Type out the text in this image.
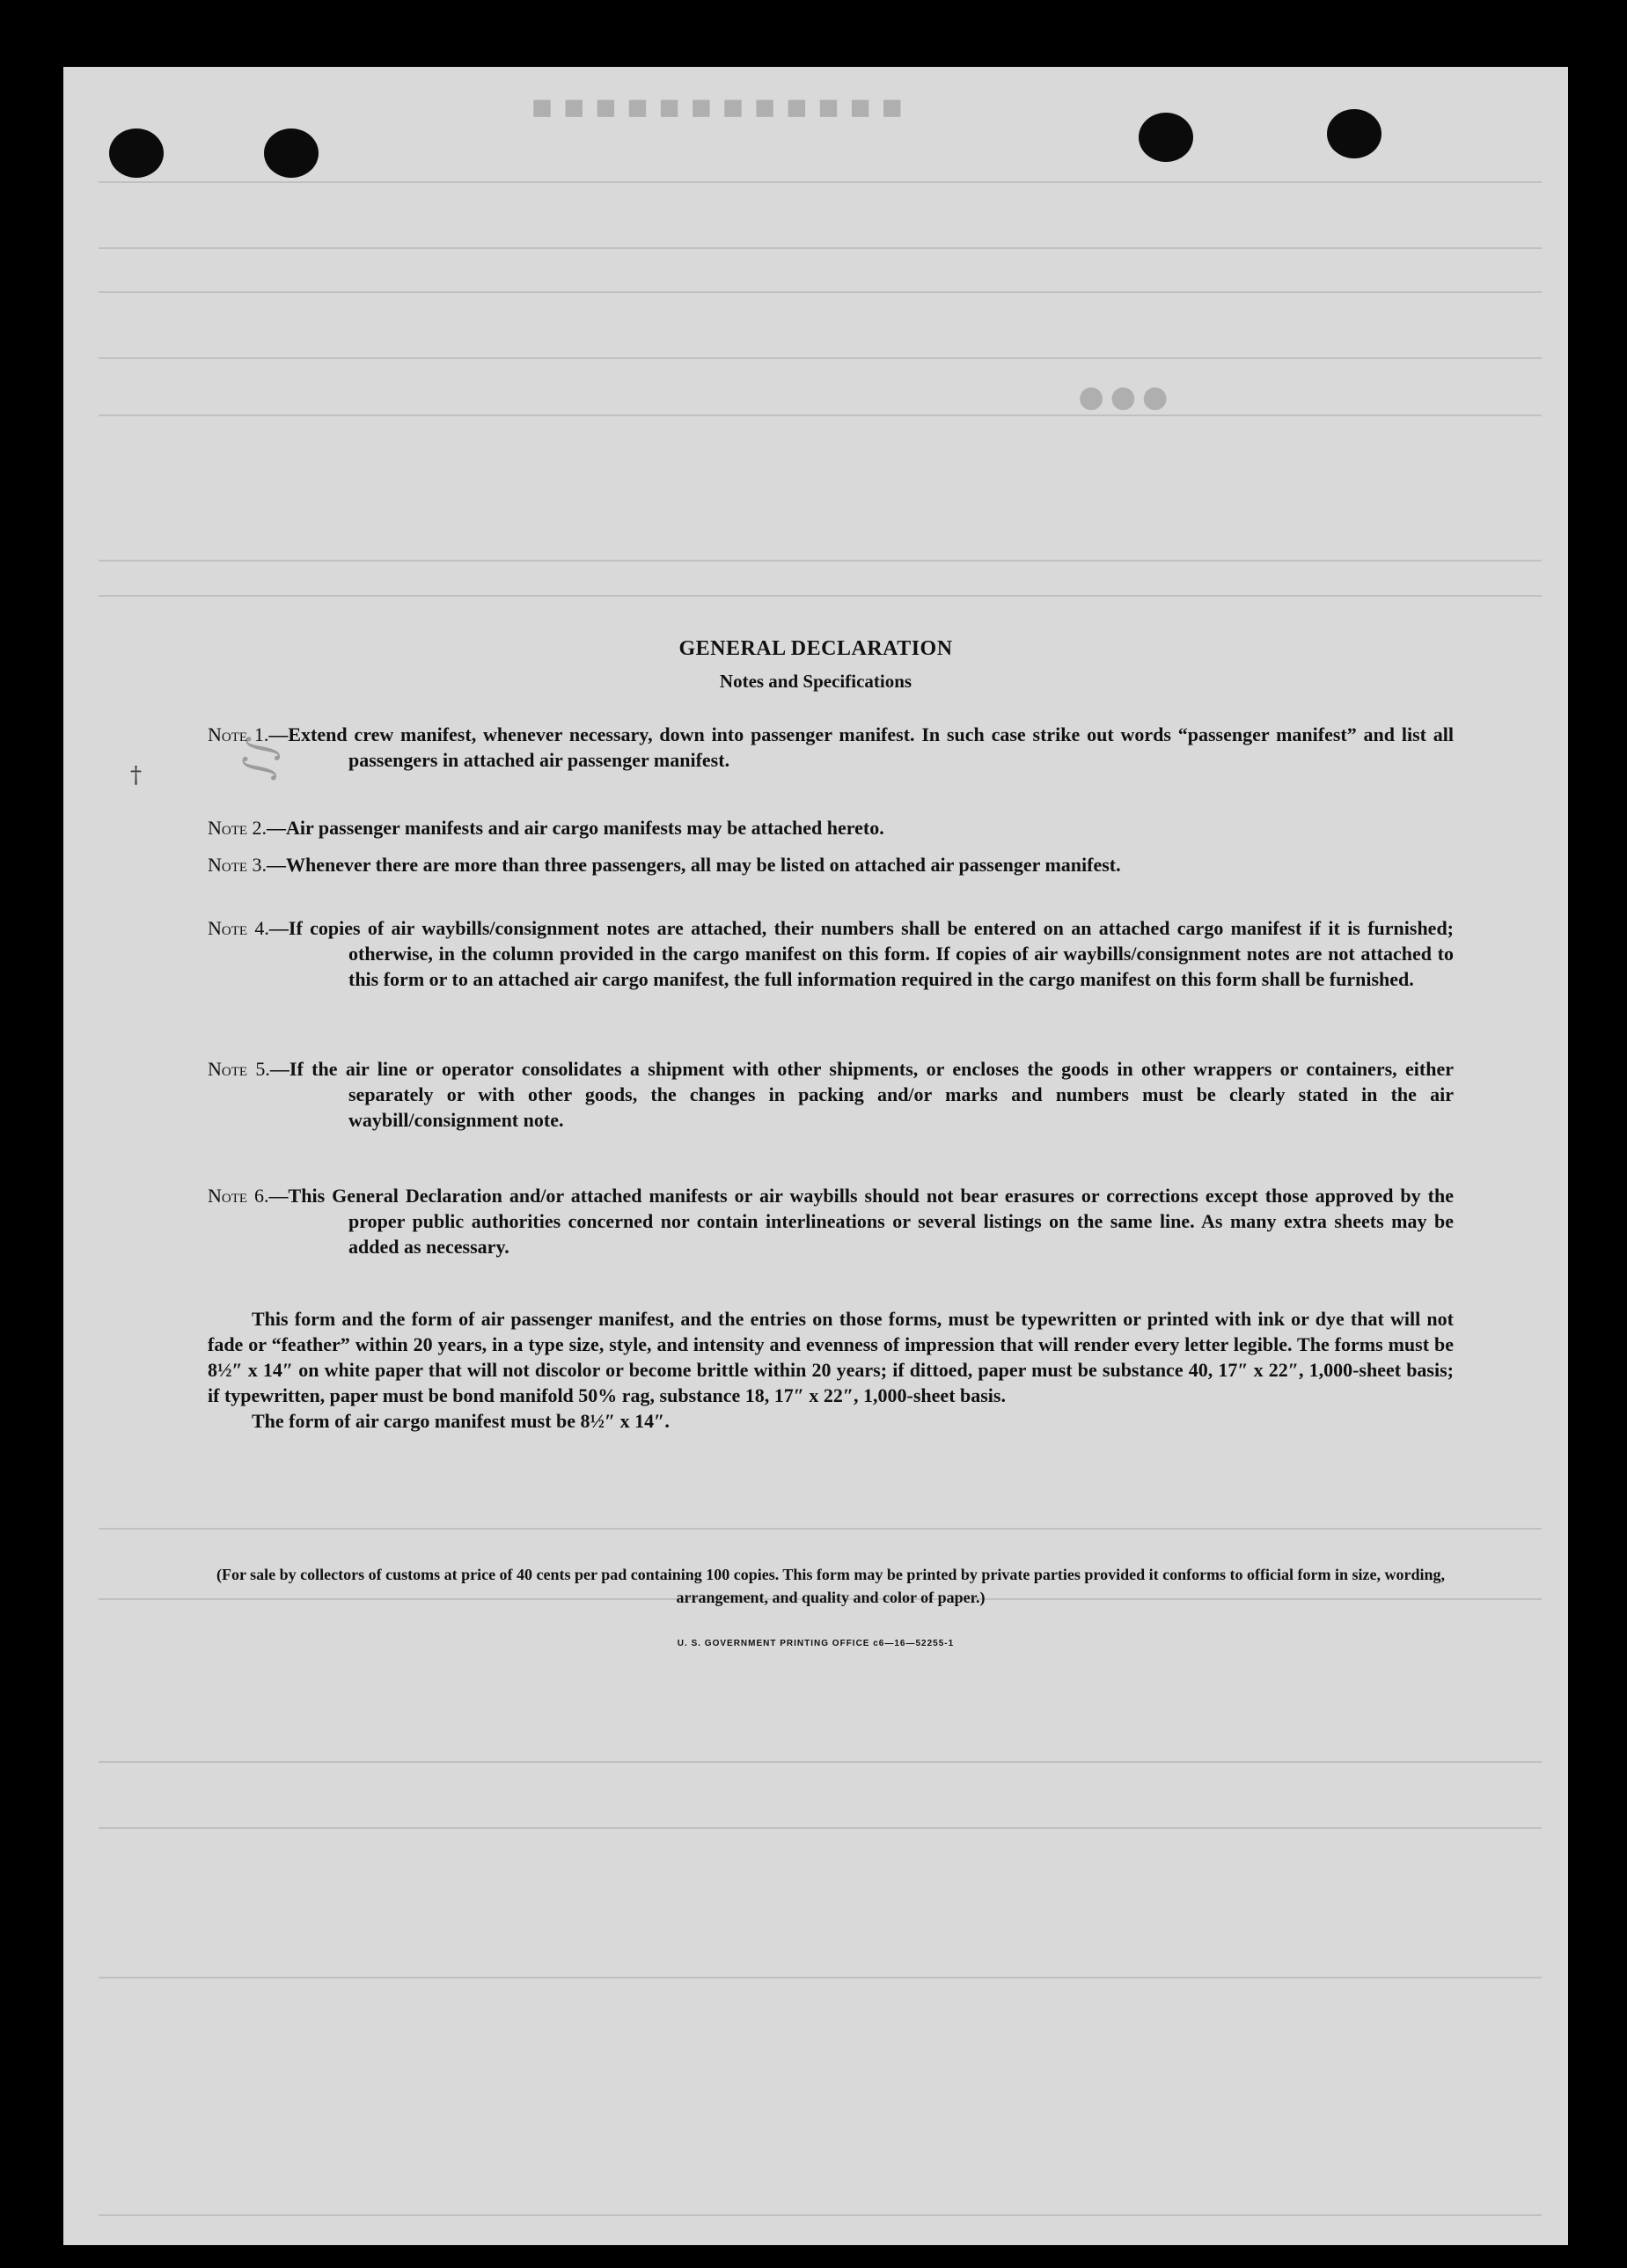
■■■■■■■■■■■■
●●●
∫∫
†
GENERAL DECLARATION
Notes and Specifications
Note 1.—Extend crew manifest, whenever necessary, down into passenger manifest. In such case strike out words “passenger manifest” and list all passengers in attached air passenger manifest.
Note 2.—Air passenger manifests and air cargo manifests may be attached hereto.
Note 3.—Whenever there are more than three passengers, all may be listed on attached air passenger manifest.
Note 4.—If copies of air waybills/consignment notes are attached, their numbers shall be entered on an attached cargo manifest if it is furnished; otherwise, in the column provided in the cargo manifest on this form. If copies of air waybills/consignment notes are not attached to this form or to an attached air cargo manifest, the full information required in the cargo manifest on this form shall be furnished.
Note 5.—If the air line or operator consolidates a shipment with other shipments, or encloses the goods in other wrappers or containers, either separately or with other goods, the changes in packing and/or marks and numbers must be clearly stated in the air waybill/consignment note.
Note 6.—This General Declaration and/or attached manifests or air waybills should not bear erasures or corrections except those approved by the proper public authorities concerned nor contain interlineations or several listings on the same line. As many extra sheets may be added as necessary.

This form and the form of air passenger manifest, and the entries on those forms, must be typewritten or printed with ink or dye that will not fade or “feather” within 20 years, in a type size, style, and intensity and evenness of impression that will render every letter legible. The forms must be 8½″ x 14″ on white paper that will not discolor or become brittle within 20 years; if dittoed, paper must be substance 40, 17″ x 22″, 1,000-sheet basis; if typewritten, paper must be bond manifold 50% rag, substance 18, 17″ x 22″, 1,000-sheet basis.

The form of air cargo manifest must be 8½″ x 14″.

(For sale by collectors of customs at price of 40 cents per pad containing 100 copies. This form may be printed by private parties provided it conforms to official form in size, wording, arrangement, and quality and color of paper.)
U. S. GOVERNMENT PRINTING OFFICE c6—16—52255-1
